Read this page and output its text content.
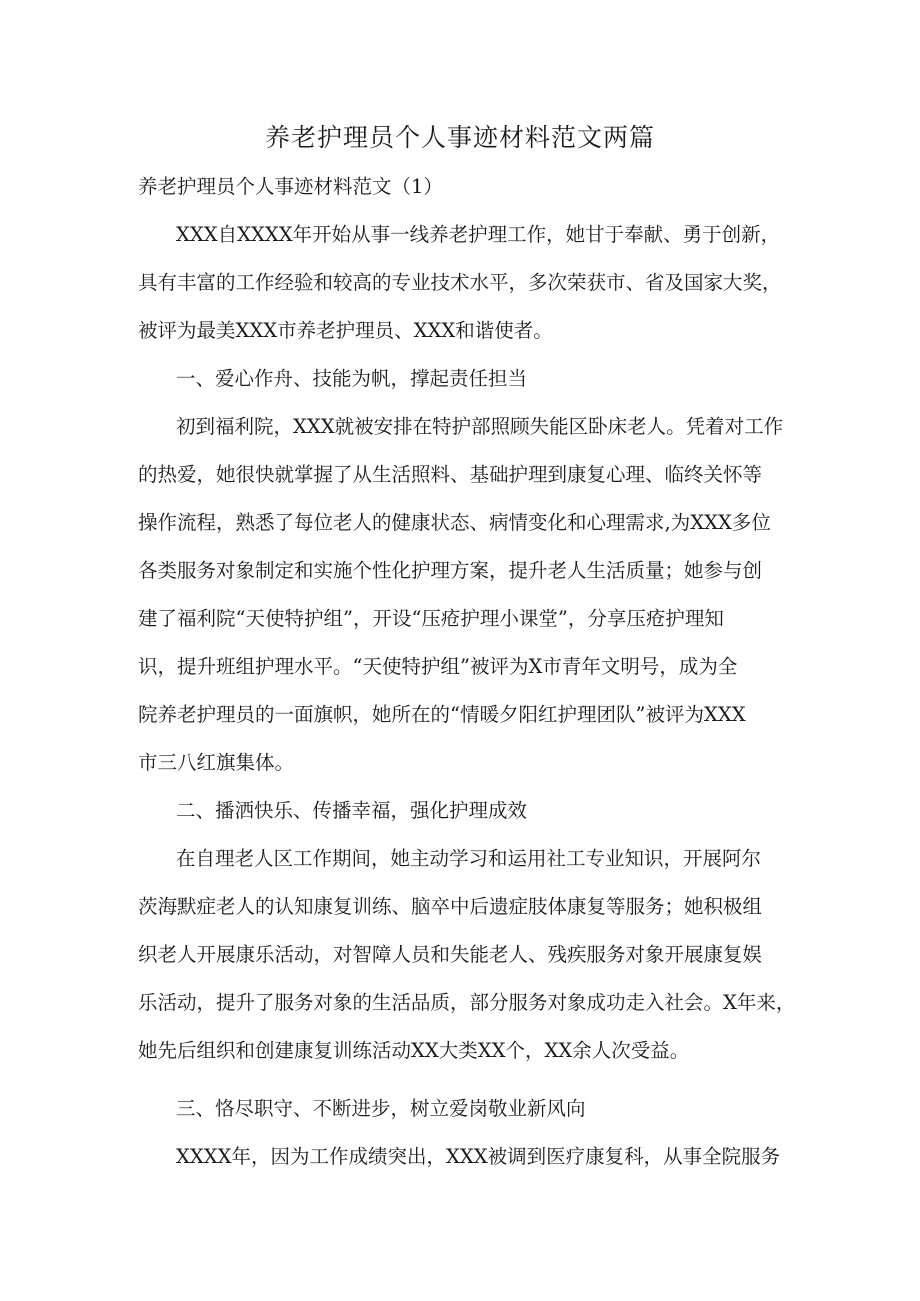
养老护理员个人事迹材料范文两篇
养老护理员个人事迹材料范文（1）
XXX自XXXX年开始从事一线养老护理工作，她甘于奉献、勇于创新，
具有丰富的工作经验和较高的专业技术水平，多次荣获市、省及国家大奖，
被评为最美XXX市养老护理员、XXX和谐使者。
一、爱心作舟、技能为帆，撑起责任担当
初到福利院，XXX就被安排在特护部照顾失能区卧床老人。凭着对工作
的热爱，她很快就掌握了从生活照料、基础护理到康复心理、临终关怀等
操作流程，熟悉了每位老人的健康状态、病情变化和心理需求,为XXX多位
各类服务对象制定和实施个性化护理方案，提升老人生活质量；她参与创
建了福利院“天使特护组”，开设“压疮护理小课堂”，分享压疮护理知
识，提升班组护理水平。“天使特护组”被评为X市青年文明号，成为全
院养老护理员的一面旗帜，她所在的“情暖夕阳红护理团队”被评为XXX
市三八红旗集体。
二、播洒快乐、传播幸福，强化护理成效
在自理老人区工作期间，她主动学习和运用社工专业知识，开展阿尔
茨海默症老人的认知康复训练、脑卒中后遗症肢体康复等服务；她积极组
织老人开展康乐活动，对智障人员和失能老人、残疾服务对象开展康复娱
乐活动，提升了服务对象的生活品质，部分服务对象成功走入社会。X年来，
她先后组织和创建康复训练活动XX大类XX个，XX余人次受益。
三、恪尽职守、不断进步，树立爱岗敬业新风向
XXXX年，因为工作成绩突出，XXX被调到医疗康复科，从事全院服务
